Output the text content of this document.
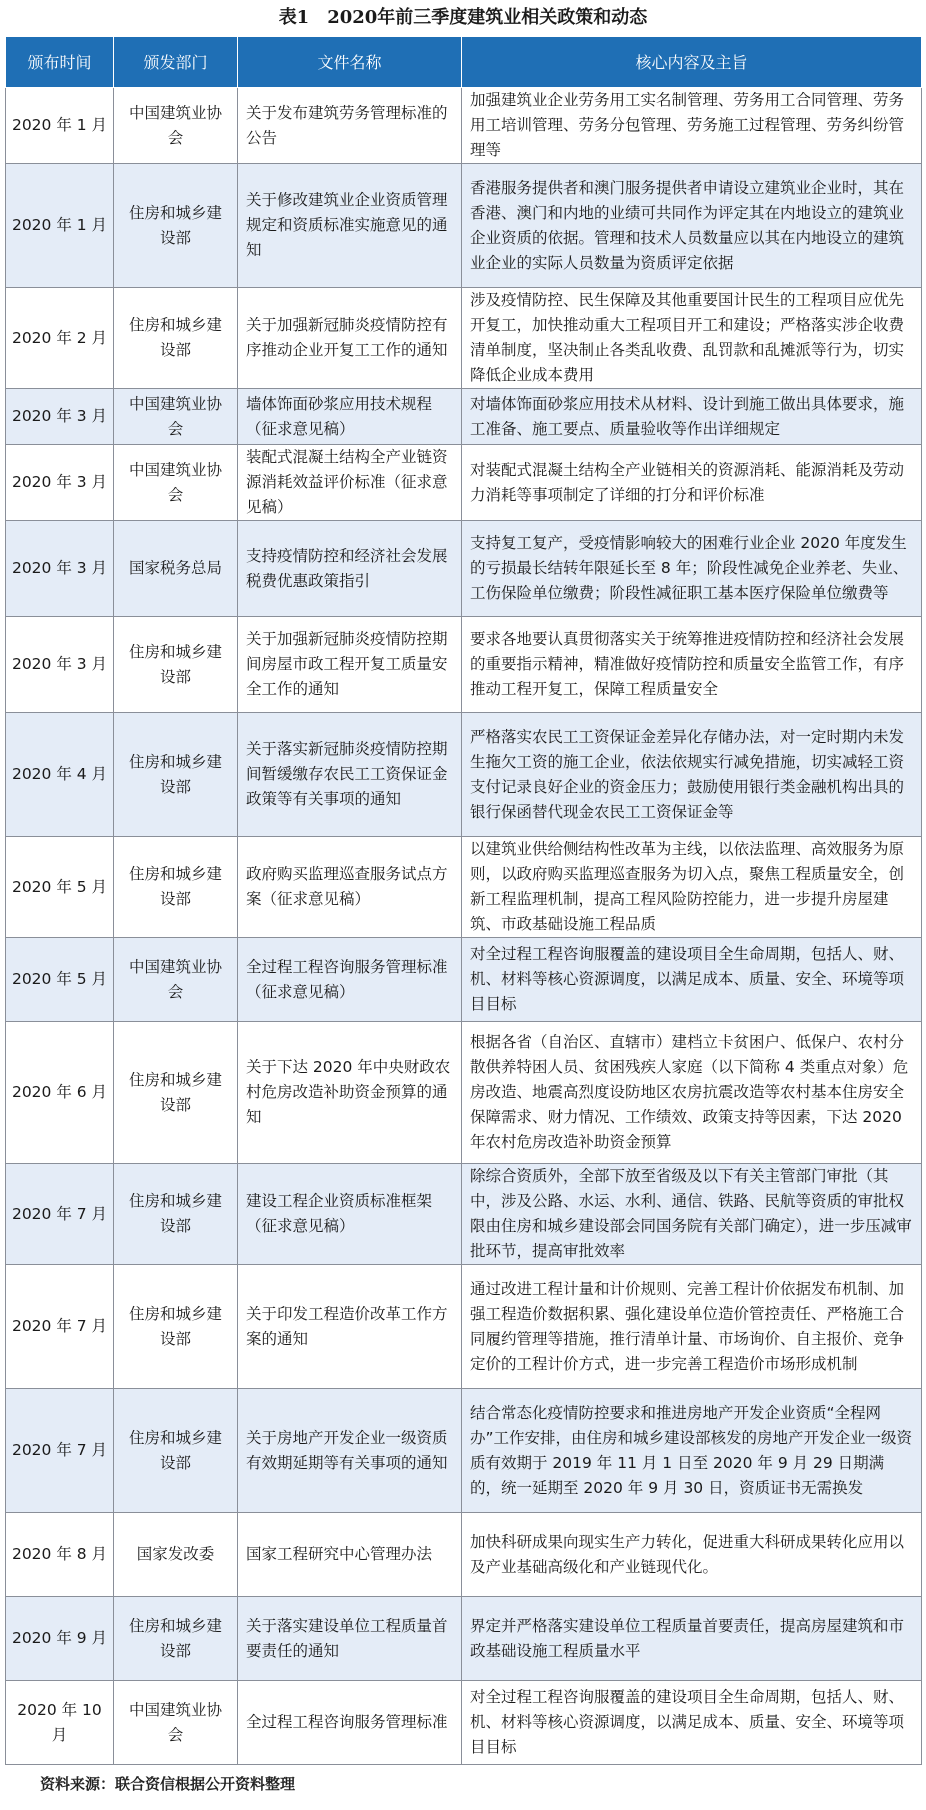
表1　2020年前三季度建筑业相关政策和动态
颁布时间	颁发部门	文件名称	核心内容及主旨
2020 年 1 月	中国建筑业协会	关于发布建筑劳务管理标准的公告	加强建筑业企业劳务用工实名制管理、劳务用工合同管理、劳务用工培训管理、劳务分包管理、劳务施工过程管理、劳务纠纷管理等
2020 年 1 月	住房和城乡建设部	关于修改建筑业企业资质管理规定和资质标准实施意见的通知	香港服务提供者和澳门服务提供者申请设立建筑业企业时，其在香港、澳门和内地的业绩可共同作为评定其在内地设立的建筑业企业资质的依据。管理和技术人员数量应以其在内地设立的建筑业企业的实际人员数量为资质评定依据
2020 年 2 月	住房和城乡建设部	关于加强新冠肺炎疫情防控有序推动企业开复工工作的通知	涉及疫情防控、民生保障及其他重要国计民生的工程项目应优先开复工，加快推动重大工程项目开工和建设；严格落实涉企收费清单制度，坚决制止各类乱收费、乱罚款和乱摊派等行为，切实降低企业成本费用
2020 年 3 月	中国建筑业协会	墙体饰面砂浆应用技术规程（征求意见稿）	对墙体饰面砂浆应用技术从材料、设计到施工做出具体要求，施工准备、施工要点、质量验收等作出详细规定
2020 年 3 月	中国建筑业协会	装配式混凝土结构全产业链资源消耗效益评价标准（征求意见稿）	对装配式混凝土结构全产业链相关的资源消耗、能源消耗及劳动力消耗等事项制定了详细的打分和评价标准
2020 年 3 月	国家税务总局	支持疫情防控和经济社会发展税费优惠政策指引	支持复工复产，受疫情影响较大的困难行业企业 2020 年度发生的亏损最长结转年限延长至 8 年；阶段性减免企业养老、失业、工伤保险单位缴费；阶段性减征职工基本医疗保险单位缴费等
2020 年 3 月	住房和城乡建设部	关于加强新冠肺炎疫情防控期间房屋市政工程开复工质量安全工作的通知	要求各地要认真贯彻落实关于统筹推进疫情防控和经济社会发展的重要指示精神，精准做好疫情防控和质量安全监管工作，有序推动工程开复工，保障工程质量安全
2020 年 4 月	住房和城乡建设部	关于落实新冠肺炎疫情防控期间暂缓缴存农民工工资保证金政策等有关事项的通知	严格落实农民工工资保证金差异化存储办法，对一定时期内未发生拖欠工资的施工企业，依法依规实行减免措施，切实减轻工资支付记录良好企业的资金压力；鼓励使用银行类金融机构出具的银行保函替代现金农民工工资保证金等
2020 年 5 月	住房和城乡建设部	政府购买监理巡查服务试点方案（征求意见稿）	以建筑业供给侧结构性改革为主线，以依法监理、高效服务为原则，以政府购买监理巡查服务为切入点，聚焦工程质量安全，创新工程监理机制，提高工程风险防控能力，进一步提升房屋建筑、市政基础设施工程品质
2020 年 5 月	中国建筑业协会	全过程工程咨询服务管理标准（征求意见稿）	对全过程工程咨询服覆盖的建设项目全生命周期，包括人、财、机、材料等核心资源调度，以满足成本、质量、安全、环境等项目目标
2020 年 6 月	住房和城乡建设部	关于下达 2020 年中央财政农村危房改造补助资金预算的通知	根据各省（自治区、直辖市）建档立卡贫困户、低保户、农村分散供养特困人员、贫困残疾人家庭（以下简称 4 类重点对象）危房改造、地震高烈度设防地区农房抗震改造等农村基本住房安全保障需求、财力情况、工作绩效、政策支持等因素，下达 2020 年农村危房改造补助资金预算
2020 年 7 月	住房和城乡建设部	建设工程企业资质标准框架（征求意见稿）	除综合资质外，全部下放至省级及以下有关主管部门审批（其中，涉及公路、水运、水利、通信、铁路、民航等资质的审批权限由住房和城乡建设部会同国务院有关部门确定），进一步压减审批环节，提高审批效率
2020 年 7 月	住房和城乡建设部	关于印发工程造价改革工作方案的通知	通过改进工程计量和计价规则、完善工程计价依据发布机制、加强工程造价数据积累、强化建设单位造价管控责任、严格施工合同履约管理等措施，推行清单计量、市场询价、自主报价、竞争定价的工程计价方式，进一步完善工程造价市场形成机制
2020 年 7 月	住房和城乡建设部	关于房地产开发企业一级资质有效期延期等有关事项的通知	结合常态化疫情防控要求和推进房地产开发企业资质“全程网办”工作安排，由住房和城乡建设部核发的房地产开发企业一级资质有效期于 2019 年 11 月 1 日至 2020 年 9 月 29 日期满的，统一延期至 2020 年 9 月 30 日，资质证书无需换发
2020 年 8 月	国家发改委	国家工程研究中心管理办法	加快科研成果向现实生产力转化，促进重大科研成果转化应用以及产业基础高级化和产业链现代化。
2020 年 9 月	住房和城乡建设部	关于落实建设单位工程质量首要责任的通知	界定并严格落实建设单位工程质量首要责任，提高房屋建筑和市政基础设施工程质量水平
2020 年 10 月	中国建筑业协会	全过程工程咨询服务管理标准	对全过程工程咨询服覆盖的建设项目全生命周期，包括人、财、机、材料等核心资源调度，以满足成本、质量、安全、环境等项目目标
资料来源：联合资信根据公开资料整理
